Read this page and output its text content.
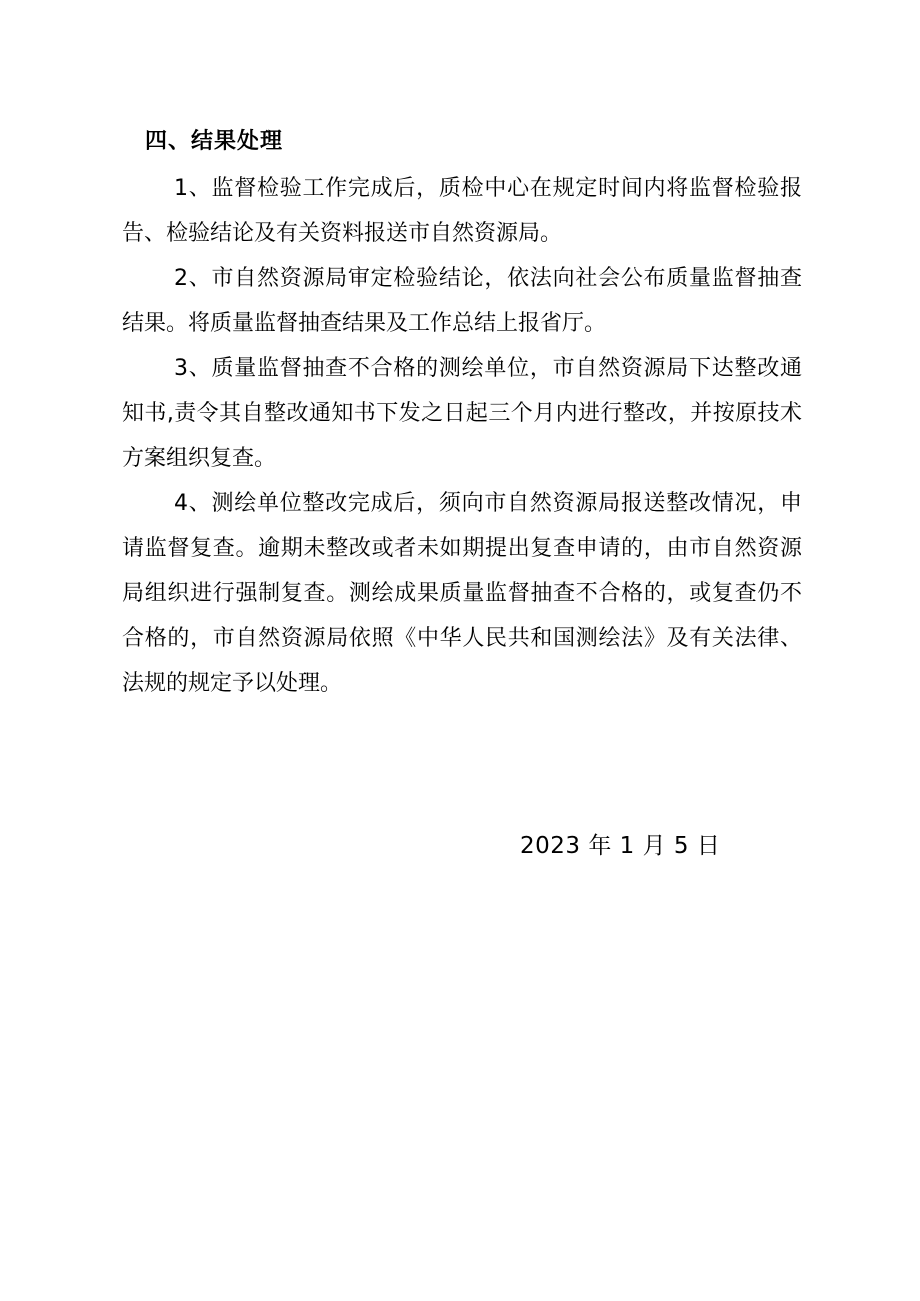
四、结果处理

1、监督检验工作完成后，质检中心在规定时间内将监督检验报告、检验结论及有关资料报送市自然资源局。

2、市自然资源局审定检验结论，依法向社会公布质量监督抽查结果。将质量监督抽查结果及工作总结上报省厅。

3、质量监督抽查不合格的测绘单位，市自然资源局下达整改通知书,责令其自整改通知书下发之日起三个月内进行整改，并按原技术方案组织复查。

4、测绘单位整改完成后，须向市自然资源局报送整改情况，申请监督复查。逾期未整改或者未如期提出复查申请的，由市自然资源局组织进行强制复查。测绘成果质量监督抽查不合格的，或复查仍不合格的，市自然资源局依照《中华人民共和国测绘法》及有关法律、法规的规定予以处理。

2023 年 1 月 5 日
